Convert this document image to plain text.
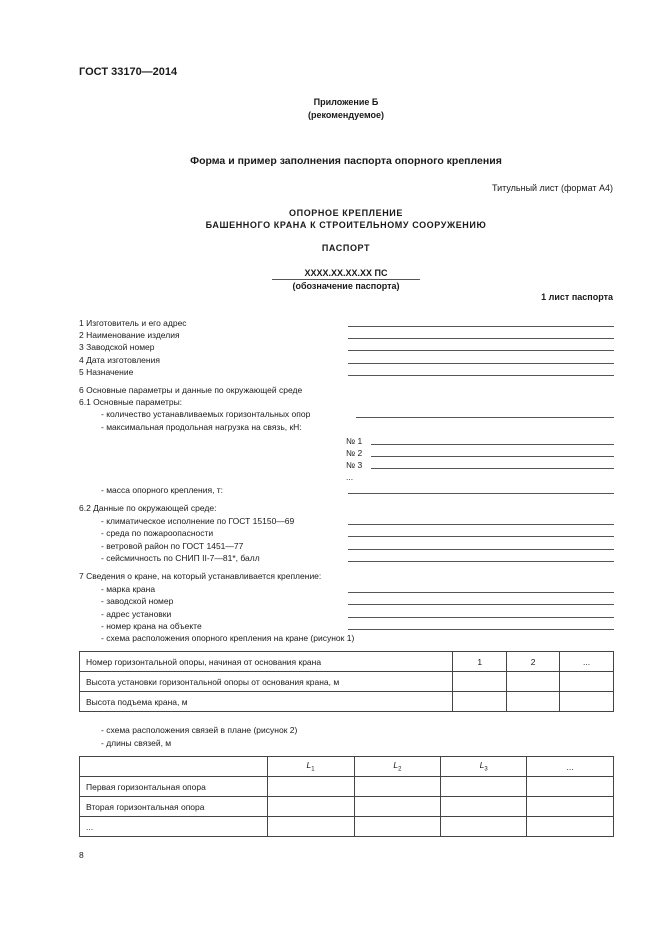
ГОСТ 33170—2014
Приложение Б
(рекомендуемое)
Форма и пример заполнения паспорта опорного крепления
Титульный лист (формат А4)
ОПОРНОЕ КРЕПЛЕНИЕ
БАШЕННОГО КРАНА К СТРОИТЕЛЬНОМУ СООРУЖЕНИЮ
ПАСПОРТ
ХХХХ.ХХ.ХХ.ХХ ПС
(обозначение паспорта)
1 лист паспорта
1 Изготовитель и его адрес
2 Наименование изделия
3 Заводской номер
4 Дата изготовления
5 Назначение
6 Основные параметры и данные по окружающей среде
6.1 Основные параметры:
- количество устанавливаемых горизонтальных опор
- максимальная продольная нагрузка на связь, кН:
№ 1
№ 2
№ 3
...
- масса опорного крепления, т:
6.2 Данные по окружающей среде:
- климатическое исполнение по ГОСТ 15150—69
- среда по пожароопасности
- ветровой район по ГОСТ 1451—77
- сейсмичность по СНИП II-7—81*, балл
7 Сведения о кране, на который устанавливается крепление:
- марка крана
- заводской номер
- адрес установки
- номер крана на объекте
- схема расположения опорного крепления на кране (рисунок 1)
Номер горизонтальной опоры, начиная от основания крана	1	2	...
Высота установки горизонтальной опоры от основания крана, м			
Высота подъема крана, м			
- схема расположения связей в плане (рисунок 2)
- длины связей, м
	$L_1$	$L_2$	$L_3$	...
Первая горизонтальная опора				
Вторая горизонтальная опора				
...				
8
